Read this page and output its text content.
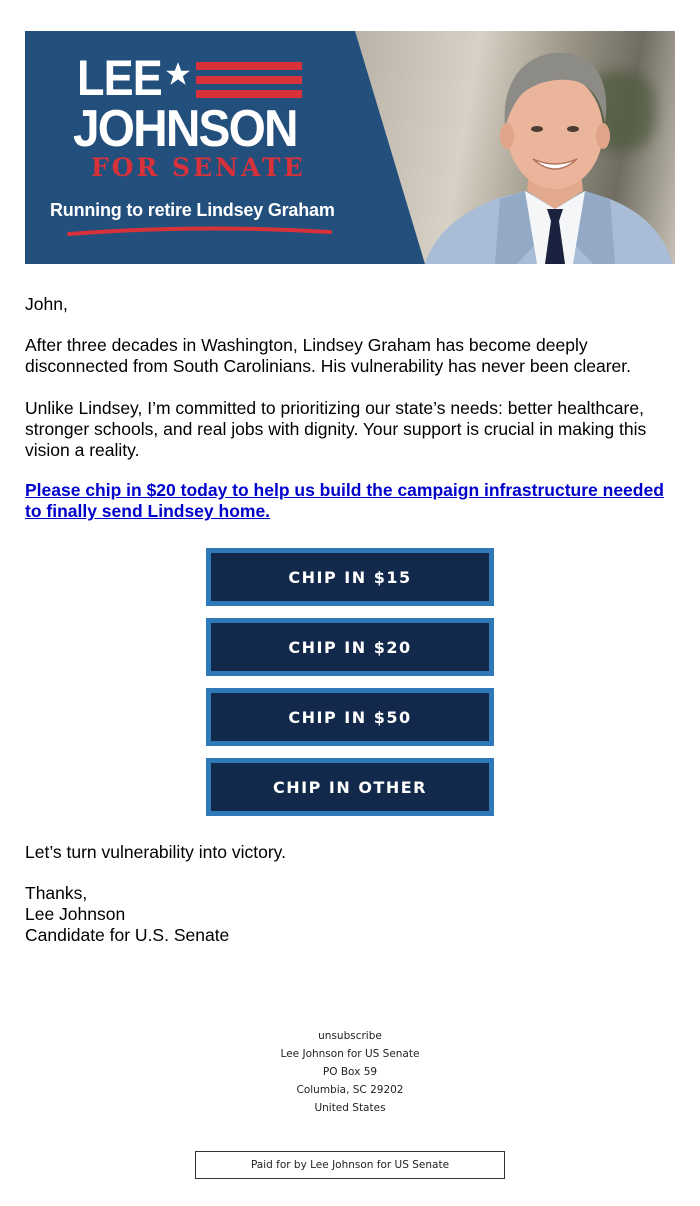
LEE
JOHNSON
FOR SENATE
Running to retire Lindsey Graham

John,

After three decades in Washington, Lindsey Graham has become deeply disconnected from South Carolinians. His vulnerability has never been clearer.

Unlike Lindsey, I’m committed to prioritizing our state’s needs: better healthcare, stronger schools, and real jobs with dignity. Your support is crucial in making this vision a reality.

Please chip in $20 today to help us build the campaign infrastructure needed to finally send Lindsey home.
CHIP IN $15
CHIP IN $20
CHIP IN $50
CHIP IN OTHER

Let’s turn vulnerability into victory.

Thanks,
Lee Johnson
Candidate for U.S. Senate
unsubscribe
Lee Johnson for US Senate
PO Box 59
Columbia, SC 29202
United States
Paid for by Lee Johnson for US Senate
